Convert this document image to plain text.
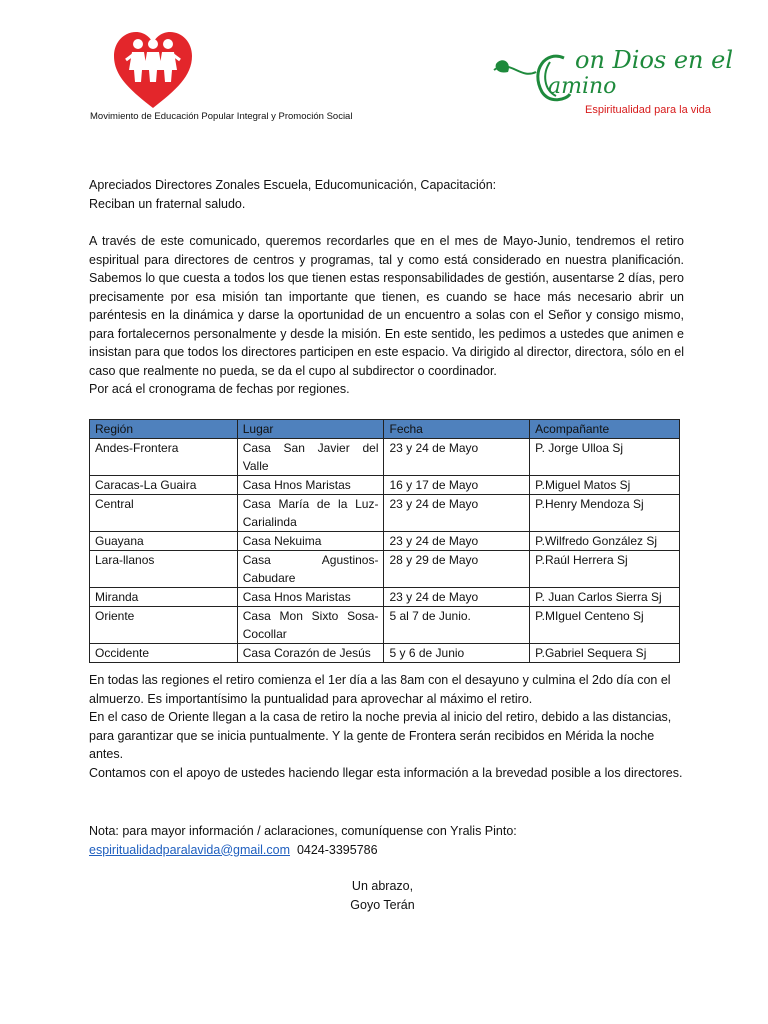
Movimiento de Educación Popular Integral y Promoción Social
on Dios en el
amino
Espiritualidad para la vida

Apreciados Directores Zonales Escuela, Educomunicación, Capacitación:

Reciban un fraternal saludo.

A través de este comunicado, queremos recordarles que en el mes de Mayo-Junio, tendremos el retiro espiritual para directores de centros y programas, tal y como está considerado en nuestra planificación. Sabemos lo que cuesta a todos los que tienen estas responsabilidades de gestión, ausentarse 2 días, pero precisamente por esa misión tan importante que tienen, es cuando se hace más necesario abrir un paréntesis en la dinámica y darse la oportunidad de un encuentro a solas con el Señor y consigo mismo, para fortalecernos personalmente y desde la misión. En este sentido, les pedimos a ustedes que animen e insistan para que todos los directores participen en este espacio. Va dirigido al director, directora, sólo en el caso que realmente no pueda, se da el cupo al subdirector o coordinador.

Por acá el cronograma de fechas por regiones.

Región	Lugar	Fecha	Acompañante
Andes-Frontera	Casa San Javier del Valle	23 y 24 de Mayo	P. Jorge Ulloa Sj
Caracas-La Guaira	Casa Hnos Maristas	16 y 17 de Mayo	P.Miguel Matos Sj
Central	Casa María de la Luz-Carialinda	23 y 24 de Mayo	P.Henry Mendoza Sj
Guayana	Casa Nekuima	23 y 24 de Mayo	P.Wilfredo González Sj
Lara-llanos	Casa Agustinos-Cabudare	28 y 29 de Mayo	P.Raúl Herrera Sj
Miranda	Casa Hnos Maristas	23 y 24 de Mayo	P. Juan Carlos Sierra Sj
Oriente	Casa Mon Sixto Sosa-Cocollar	5 al 7 de Junio.	P.MIguel Centeno Sj
Occidente	Casa Corazón de Jesús	5 y 6 de Junio	P.Gabriel Sequera Sj

En todas las regiones el retiro comienza el 1er día a las 8am con el desayuno y culmina el 2do día con el almuerzo. Es importantísimo la puntualidad para aprovechar al máximo el retiro.

En el caso de Oriente llegan a la casa de retiro la noche previa al inicio del retiro, debido a las distancias, para garantizar que se inicia puntualmente. Y la gente de Frontera serán recibidos en Mérida la noche antes.

Contamos con el apoyo de ustedes haciendo llegar esta información a la brevedad posible a los directores.

Nota: para mayor información / aclaraciones, comuníquense con Yralis Pinto:

espiritualidadparalavida@gmail.com 0424-3395786

Un abrazo,
Goyo Terán
